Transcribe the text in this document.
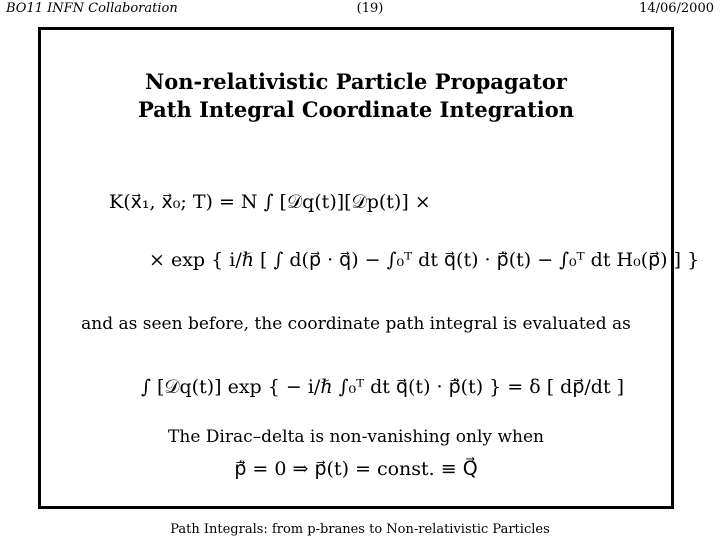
BO11 INFN Collaboration	(19)	14/06/2000
Non-relativistic Particle Propagator
Path Integral Coordinate Integration
K(x⃗₁, x⃗₀; T) = N ∫ [𝒟q(t)][𝒟p(t)] ×
× exp { i/ℏ [ ∫ d(p⃗ · q⃗) − ∫₀ᵀ dt q⃗(t) · p⃗̇(t) − ∫₀ᵀ dt H₀(p⃗) ] }
and as seen before, the coordinate path integral is evaluated as
∫ [𝒟q(t)] exp { − i/ℏ ∫₀ᵀ dt q⃗(t) · p⃗̇(t) } = δ [ dp⃗/dt ]
The Dirac–delta is non-vanishing only when
p⃗̇ = 0 ⇒ p⃗(t) = const. ≡ Q⃗
Path Integrals: from p-branes to Non-relativistic Particles
